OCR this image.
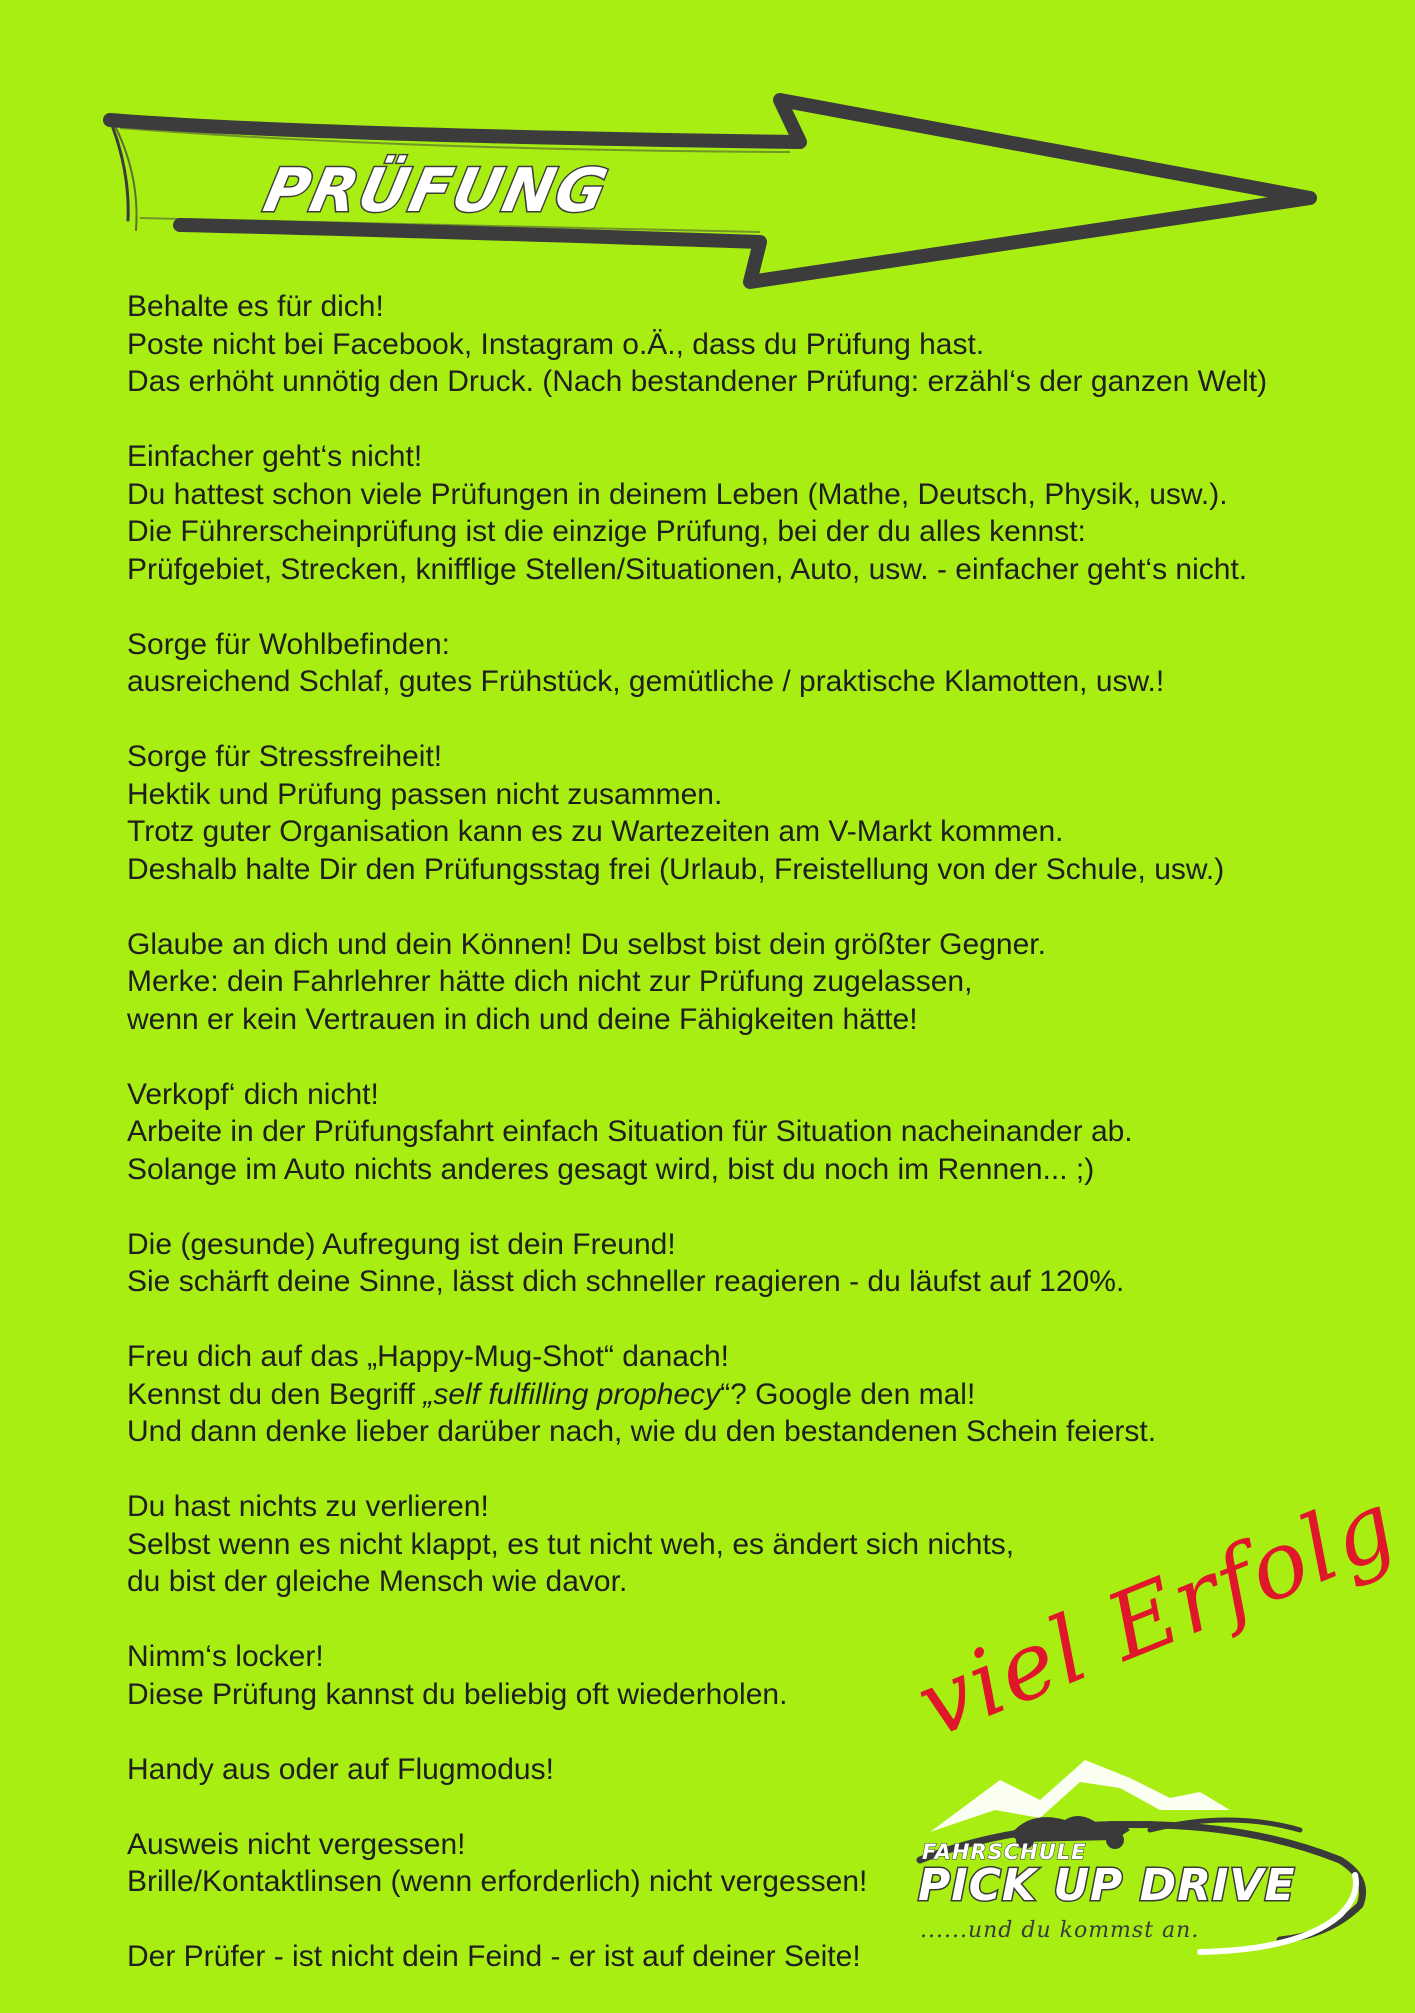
PRÜFUNG
Behalte es für dich!
Poste nicht bei Facebook, Instagram o.Ä., dass du Prüfung hast.
Das erhöht unnötig den Druck. (Nach bestandener Prüfung: erzähl‘s der ganzen Welt)
Einfacher geht‘s nicht!
Du hattest schon viele Prüfungen in deinem Leben (Mathe, Deutsch, Physik, usw.).
Die Führerscheinprüfung ist die einzige Prüfung, bei der du alles kennst:
Prüfgebiet, Strecken, knifflige Stellen/Situationen, Auto, usw. - einfacher geht‘s nicht.
Sorge für Wohlbefinden:
ausreichend Schlaf, gutes Frühstück, gemütliche / praktische Klamotten, usw.!
Sorge für Stressfreiheit!
Hektik und Prüfung passen nicht zusammen.
Trotz guter Organisation kann es zu Wartezeiten am V-Markt kommen.
Deshalb halte Dir den Prüfungsstag frei (Urlaub, Freistellung von der Schule, usw.)
Glaube an dich und dein Können! Du selbst bist dein größter Gegner.
Merke: dein Fahrlehrer hätte dich nicht zur Prüfung zugelassen,
wenn er kein Vertrauen in dich und deine Fähigkeiten hätte!
Verkopf‘ dich nicht!
Arbeite in der Prüfungsfahrt einfach Situation für Situation nacheinander ab.
Solange im Auto nichts anderes gesagt wird, bist du noch im Rennen... ;)
Die (gesunde) Aufregung ist dein Freund!
Sie schärft deine Sinne, lässt dich schneller reagieren - du läufst auf 120%.
Freu dich auf das „Happy-Mug-Shot“ danach!
Kennst du den Begriff „self fulfilling prophecy“? Google den mal!
Und dann denke lieber darüber nach, wie du den bestandenen Schein feierst.
Du hast nichts zu verlieren!
Selbst wenn es nicht klappt, es tut nicht weh, es ändert sich nichts,
du bist der gleiche Mensch wie davor.
Nimm‘s locker!
Diese Prüfung kannst du beliebig oft wiederholen.
Handy aus oder auf Flugmodus!
Ausweis nicht vergessen!
Brille/Kontaktlinsen (wenn erforderlich) nicht vergessen!
Der Prüfer - ist nicht dein Feind - er ist auf deiner Seite!
viel Erfolg
FAHRSCHULE
PICK UP DRIVE
......und du kommst an.
